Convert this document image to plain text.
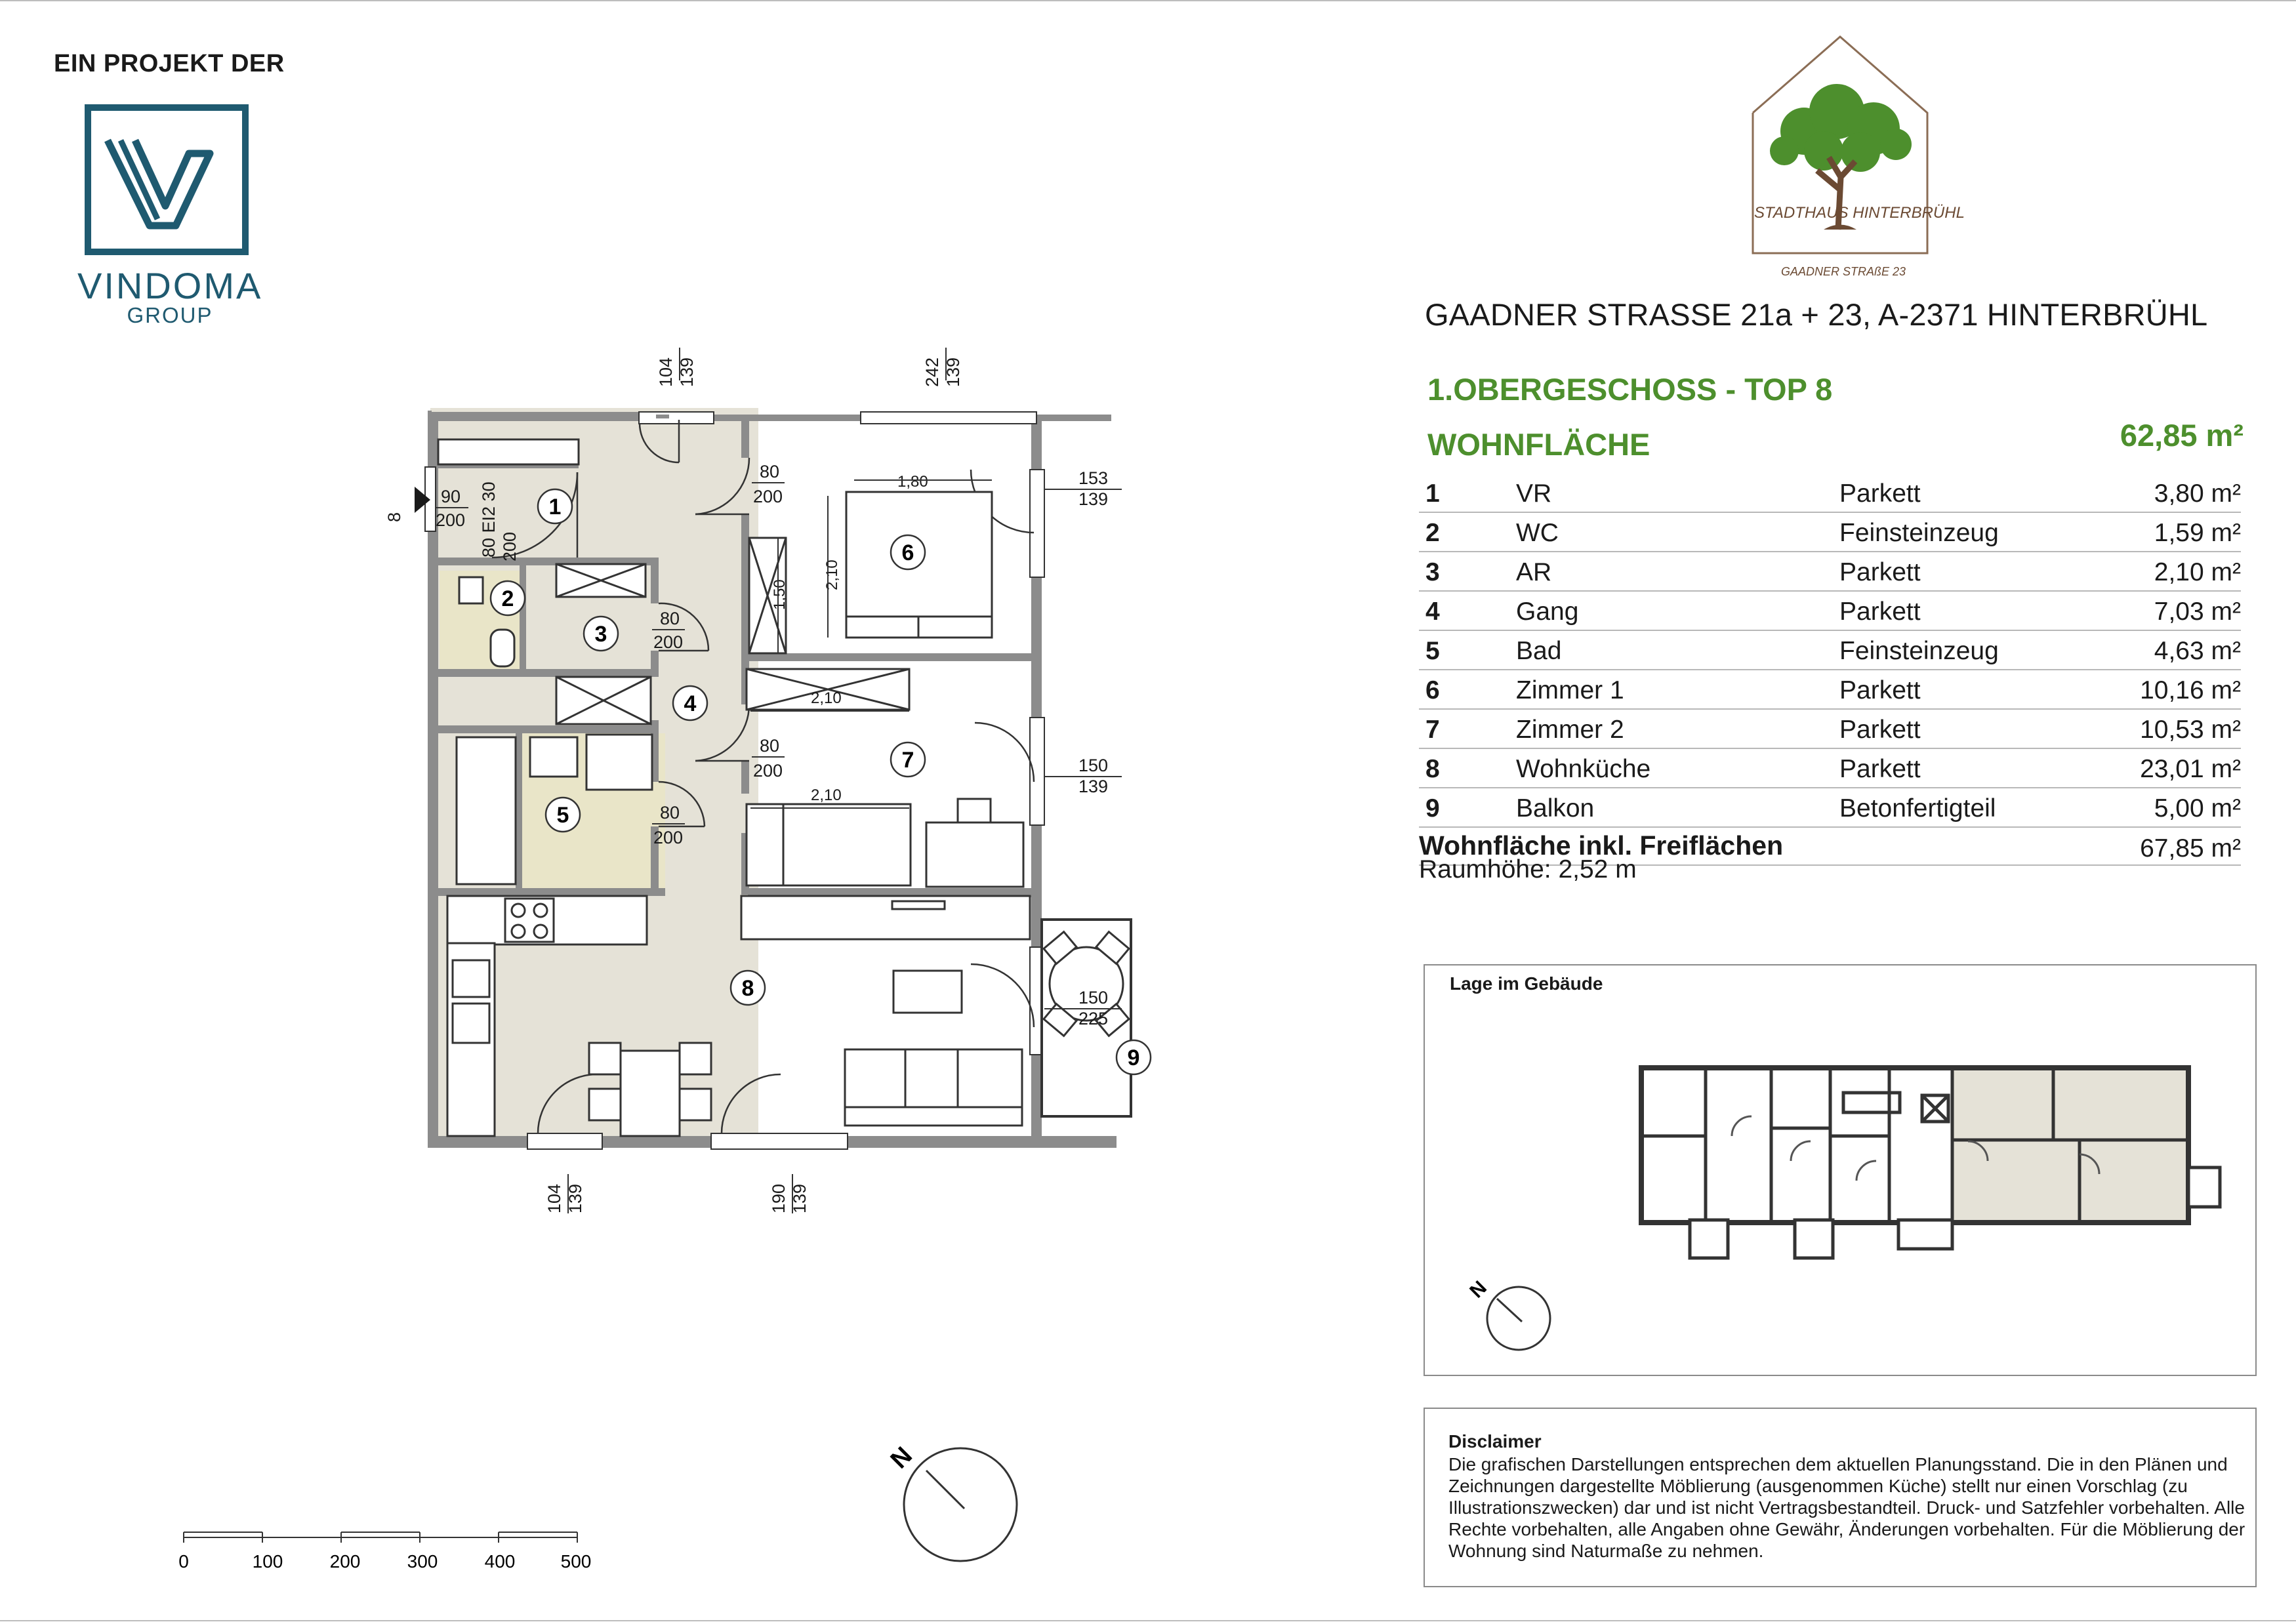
EIN PROJEKT DER
VINDOMA
GROUP
STADTHAUS HINTERBRÜHL
GAADNER STRAßE 23
GAADNER STRASSE 21a + 23, A-2371 HINTERBRÜHL
1.OBERGESCHOSS - TOP 8
WOHNFLÄCHE	62,85 m²
1	VR	Parkett	3,80 m²
2	WC	Feinsteinzeug	1,59 m²
3	AR	Parkett	2,10 m²
4	Gang	Parkett	7,03 m²
5	Bad	Feinsteinzeug	4,63 m²
6	Zimmer 1	Parkett	10,16 m²
7	Zimmer 2	Parkett	10,53 m²
8	Wohnküche	Parkett	23,01 m²
9	Balkon	Betonfertigteil	5,00 m²
Wohnfläche inkl. Freiflächen	67,85 m²
Raumhöhe: 2,52 m
N
Lage im Gebäude
Disclaimer
Die grafischen Darstellungen entsprechen dem aktuellen Planungsstand. Die in den Plänen und Zeichnungen dargestellte Möblierung (ausgenommen Küche) stellt nur einen Vorschlag (zu Illustrationszwecken) dar und ist nicht Vertragsbestandteil. Druck- und Satzfehler vorbehalten. Alle Rechte vorbehalten, alle Angaben ohne Gewähr, Änderungen vorbehalten. Für die Möblierung der Wohnung sind Naturmaße zu nehmen.
1
2
3
4
5
6
7
8
9
104 139	242 139
104 139	190 139
153
139
150
139
150
225
90
200
8	80 EI2 30 200
80
200
80
200
80
200
80
200
1,80
2,10
1,50
2,10
2,10
N
0	100	200	300	400 500
